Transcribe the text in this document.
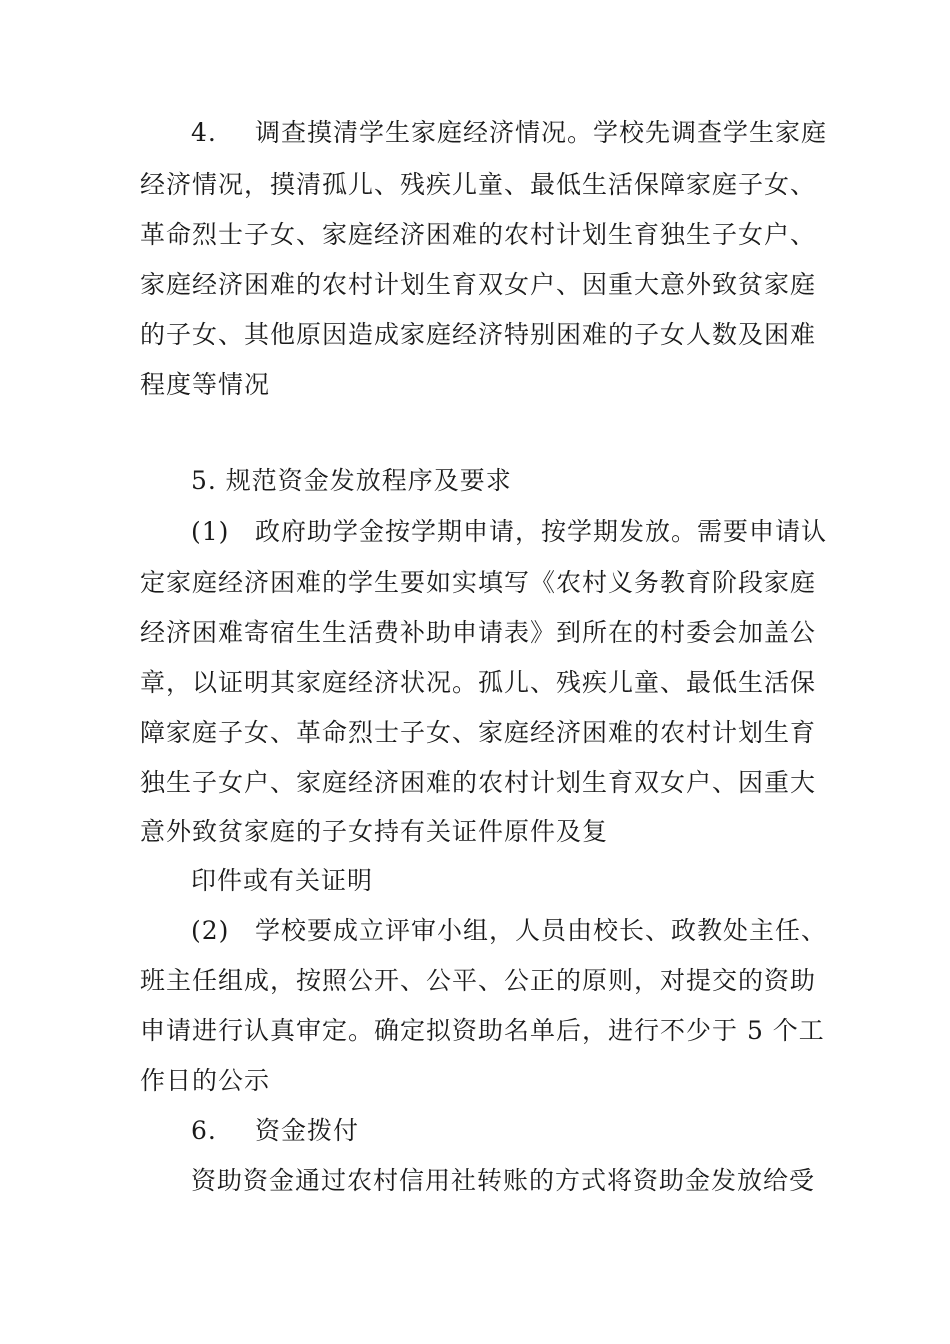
4. 调查摸清学生家庭经济情况。学校先调查学生家庭
经济情况，摸清孤儿、残疾儿童、最低生活保障家庭子女、
革命烈士子女、家庭经济困难的农村计划生育独生子女户、
家庭经济困难的农村计划生育双女户、因重大意外致贫家庭
的子女、其他原因造成家庭经济特别困难的子女人数及困难
程度等情况
5. 规范资金发放程序及要求
(1) 政府助学金按学期申请，按学期发放。需要申请认
定家庭经济困难的学生要如实填写《农村义务教育阶段家庭
经济困难寄宿生生活费补助申请表》到所在的村委会加盖公
章，以证明其家庭经济状况。孤儿、残疾儿童、最低生活保
障家庭子女、革命烈士子女、家庭经济困难的农村计划生育
独生子女户、家庭经济困难的农村计划生育双女户、因重大
意外致贫家庭的子女持有关证件原件及复
印件或有关证明
(2) 学校要成立评审小组，人员由校长、政教处主任、
班主任组成，按照公开、公平、公正的原则，对提交的资助
申请进行认真审定。确定拟资助名单后，进行不少于 5 个工
作日的公示
6. 资金拨付
资助资金通过农村信用社转账的方式将资助金发放给受
